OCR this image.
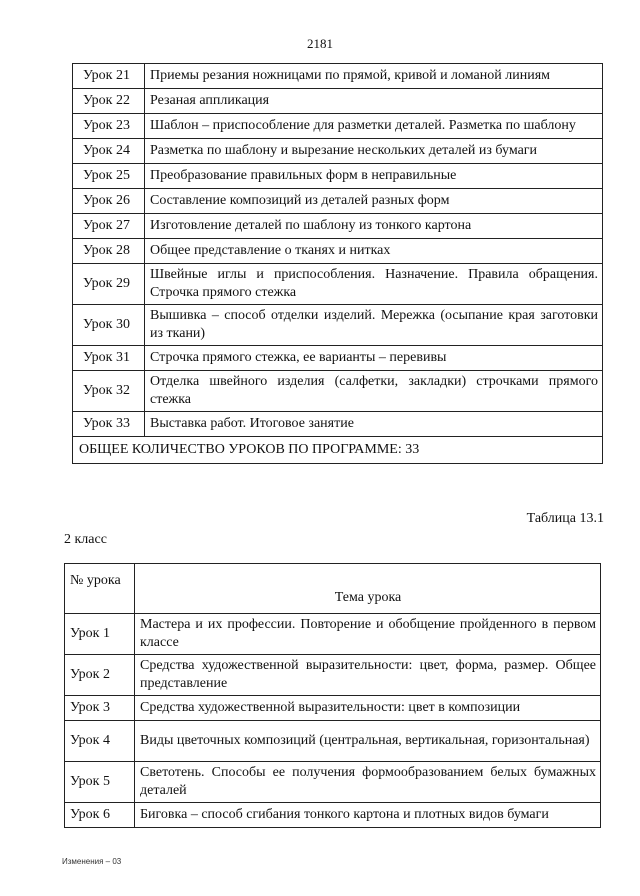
2181
Урок 21	Приемы резания ножницами по прямой, кривой и ломаной линиям
Урок 22	Резаная аппликация
Урок 23	Шаблон – приспособление для разметки деталей. Разметка по шаблону
Урок 24	Разметка по шаблону и вырезание нескольких деталей из бумаги
Урок 25	Преобразование правильных форм в неправильные
Урок 26	Составление композиций из деталей разных форм
Урок 27	Изготовление деталей по шаблону из тонкого картона
Урок 28	Общее представление о тканях и нитках
Урок 29	Швейные иглы и приспособления. Назначение. Правила обращения. Строчка прямого стежка
Урок 30	Вышивка – способ отделки изделий. Мережка (осыпание края заготовки из ткани)
Урок 31	Строчка прямого стежка, ее варианты – перевивы
Урок 32	Отделка швейного изделия (салфетки, закладки) строчками прямого стежка
Урок 33	Выставка работ. Итоговое занятие
ОБЩЕЕ КОЛИЧЕСТВО УРОКОВ ПО ПРОГРАММЕ: 33	
Таблица 13.1
2 класс
№ урока	Тема урока
Урок 1	Мастера и их профессии. Повторение и обобщение пройденного в первом классе
Урок 2	Средства художественной выразительности: цвет, форма, размер. Общее представление
Урок 3	Средства художественной выразительности: цвет в композиции
Урок 4	Виды цветочных композиций (центральная, вертикальная, горизонтальная)
Урок 5	Светотень. Способы ее получения формообразованием белых бумажных деталей
Урок 6	Биговка – способ сгибания тонкого картона и плотных видов бумаги
Изменения – 03
